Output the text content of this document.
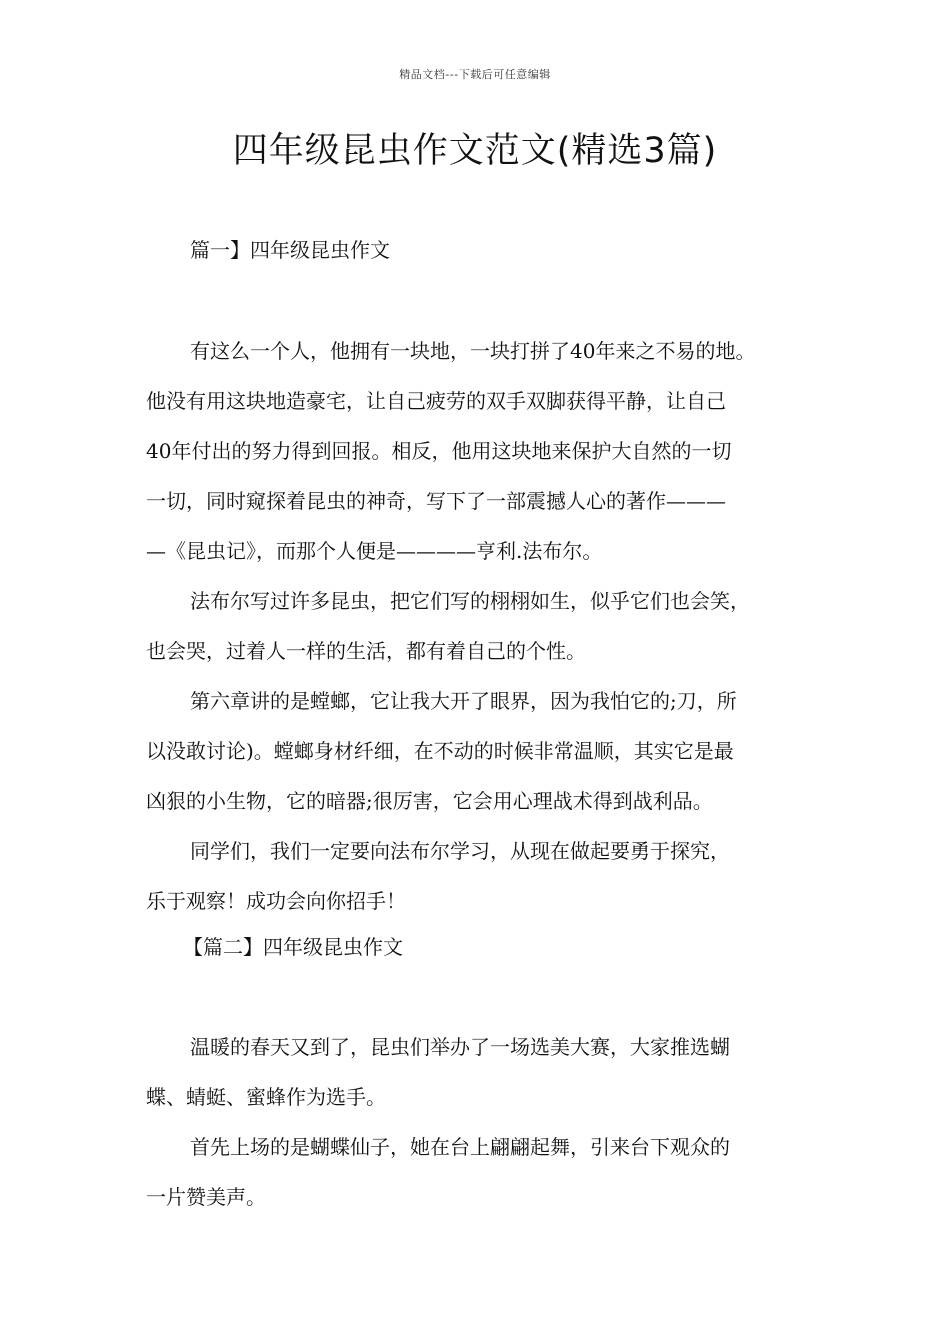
精品文档---下载后可任意编辑
四年级昆虫作文范文(精选3篇)
篇一】四年级昆虫作文
有这么一个人，他拥有一块地，一块打拼了40年来之不易的地。
他没有用这块地造豪宅，让自己疲劳的双手双脚获得平静，让自己
40年付出的努力得到回报。相反，他用这块地来保护大自然的一切
一切，同时窥探着昆虫的神奇，写下了一部震撼人心的著作———
—《昆虫记》，而那个人便是————亨利.法布尔。
法布尔写过许多昆虫，把它们写的栩栩如生，似乎它们也会笑，
也会哭，过着人一样的生活，都有着自己的个性。
第六章讲的是螳螂，它让我大开了眼界，因为我怕它的;刀，所
以没敢讨论)。螳螂身材纤细，在不动的时候非常温顺，其实它是最
凶狠的小生物，它的暗器;很厉害，它会用心理战术得到战利品。
同学们，我们一定要向法布尔学习，从现在做起要勇于探究，
乐于观察！成功会向你招手！
【篇二】四年级昆虫作文
温暖的春天又到了，昆虫们举办了一场选美大赛，大家推选蝴
蝶、蜻蜓、蜜蜂作为选手。
首先上场的是蝴蝶仙子，她在台上翩翩起舞，引来台下观众的
一片赞美声。
